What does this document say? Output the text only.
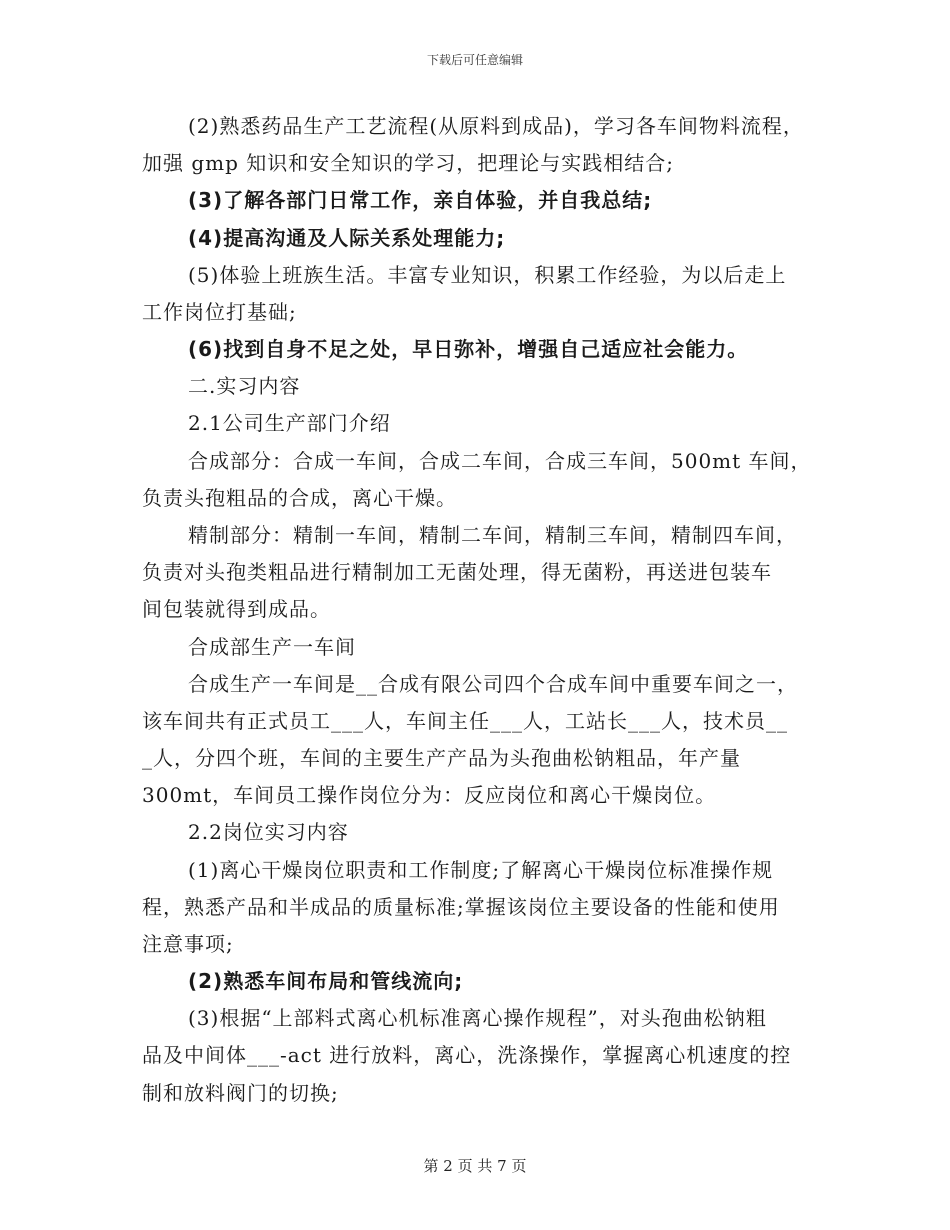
下载后可任意编辑
(2)熟悉药品生产工艺流程(从原料到成品)，学习各车间物料流程，
加强 gmp 知识和安全知识的学习，把理论与实践相结合;
(3)了解各部门日常工作，亲自体验，并自我总结;
(4)提高沟通及人际关系处理能力;
(5)体验上班族生活。丰富专业知识，积累工作经验，为以后走上
工作岗位打基础;
(6)找到自身不足之处，早日弥补，增强自己适应社会能力。
二.实习内容
2.1公司生产部门介绍
合成部分：合成一车间，合成二车间，合成三车间，500mt 车间，
负责头孢粗品的合成，离心干燥。
精制部分：精制一车间，精制二车间，精制三车间，精制四车间，
负责对头孢类粗品进行精制加工无菌处理，得无菌粉，再送进包装车
间包装就得到成品。
合成部生产一车间
合成生产一车间是__合成有限公司四个合成车间中重要车间之一，
该车间共有正式员工___人，车间主任___人，工站长___人，技术员__
_人，分四个班，车间的主要生产产品为头孢曲松钠粗品，年产量
300mt，车间员工操作岗位分为：反应岗位和离心干燥岗位。
2.2岗位实习内容
(1)离心干燥岗位职责和工作制度;了解离心干燥岗位标准操作规
程，熟悉产品和半成品的质量标准;掌握该岗位主要设备的性能和使用
注意事项;
(2)熟悉车间布局和管线流向;
(3)根据“上部料式离心机标准离心操作规程”，对头孢曲松钠粗
品及中间体___-act 进行放料，离心，洗涤操作，掌握离心机速度的控
制和放料阀门的切换;
第 2 页 共 7 页
